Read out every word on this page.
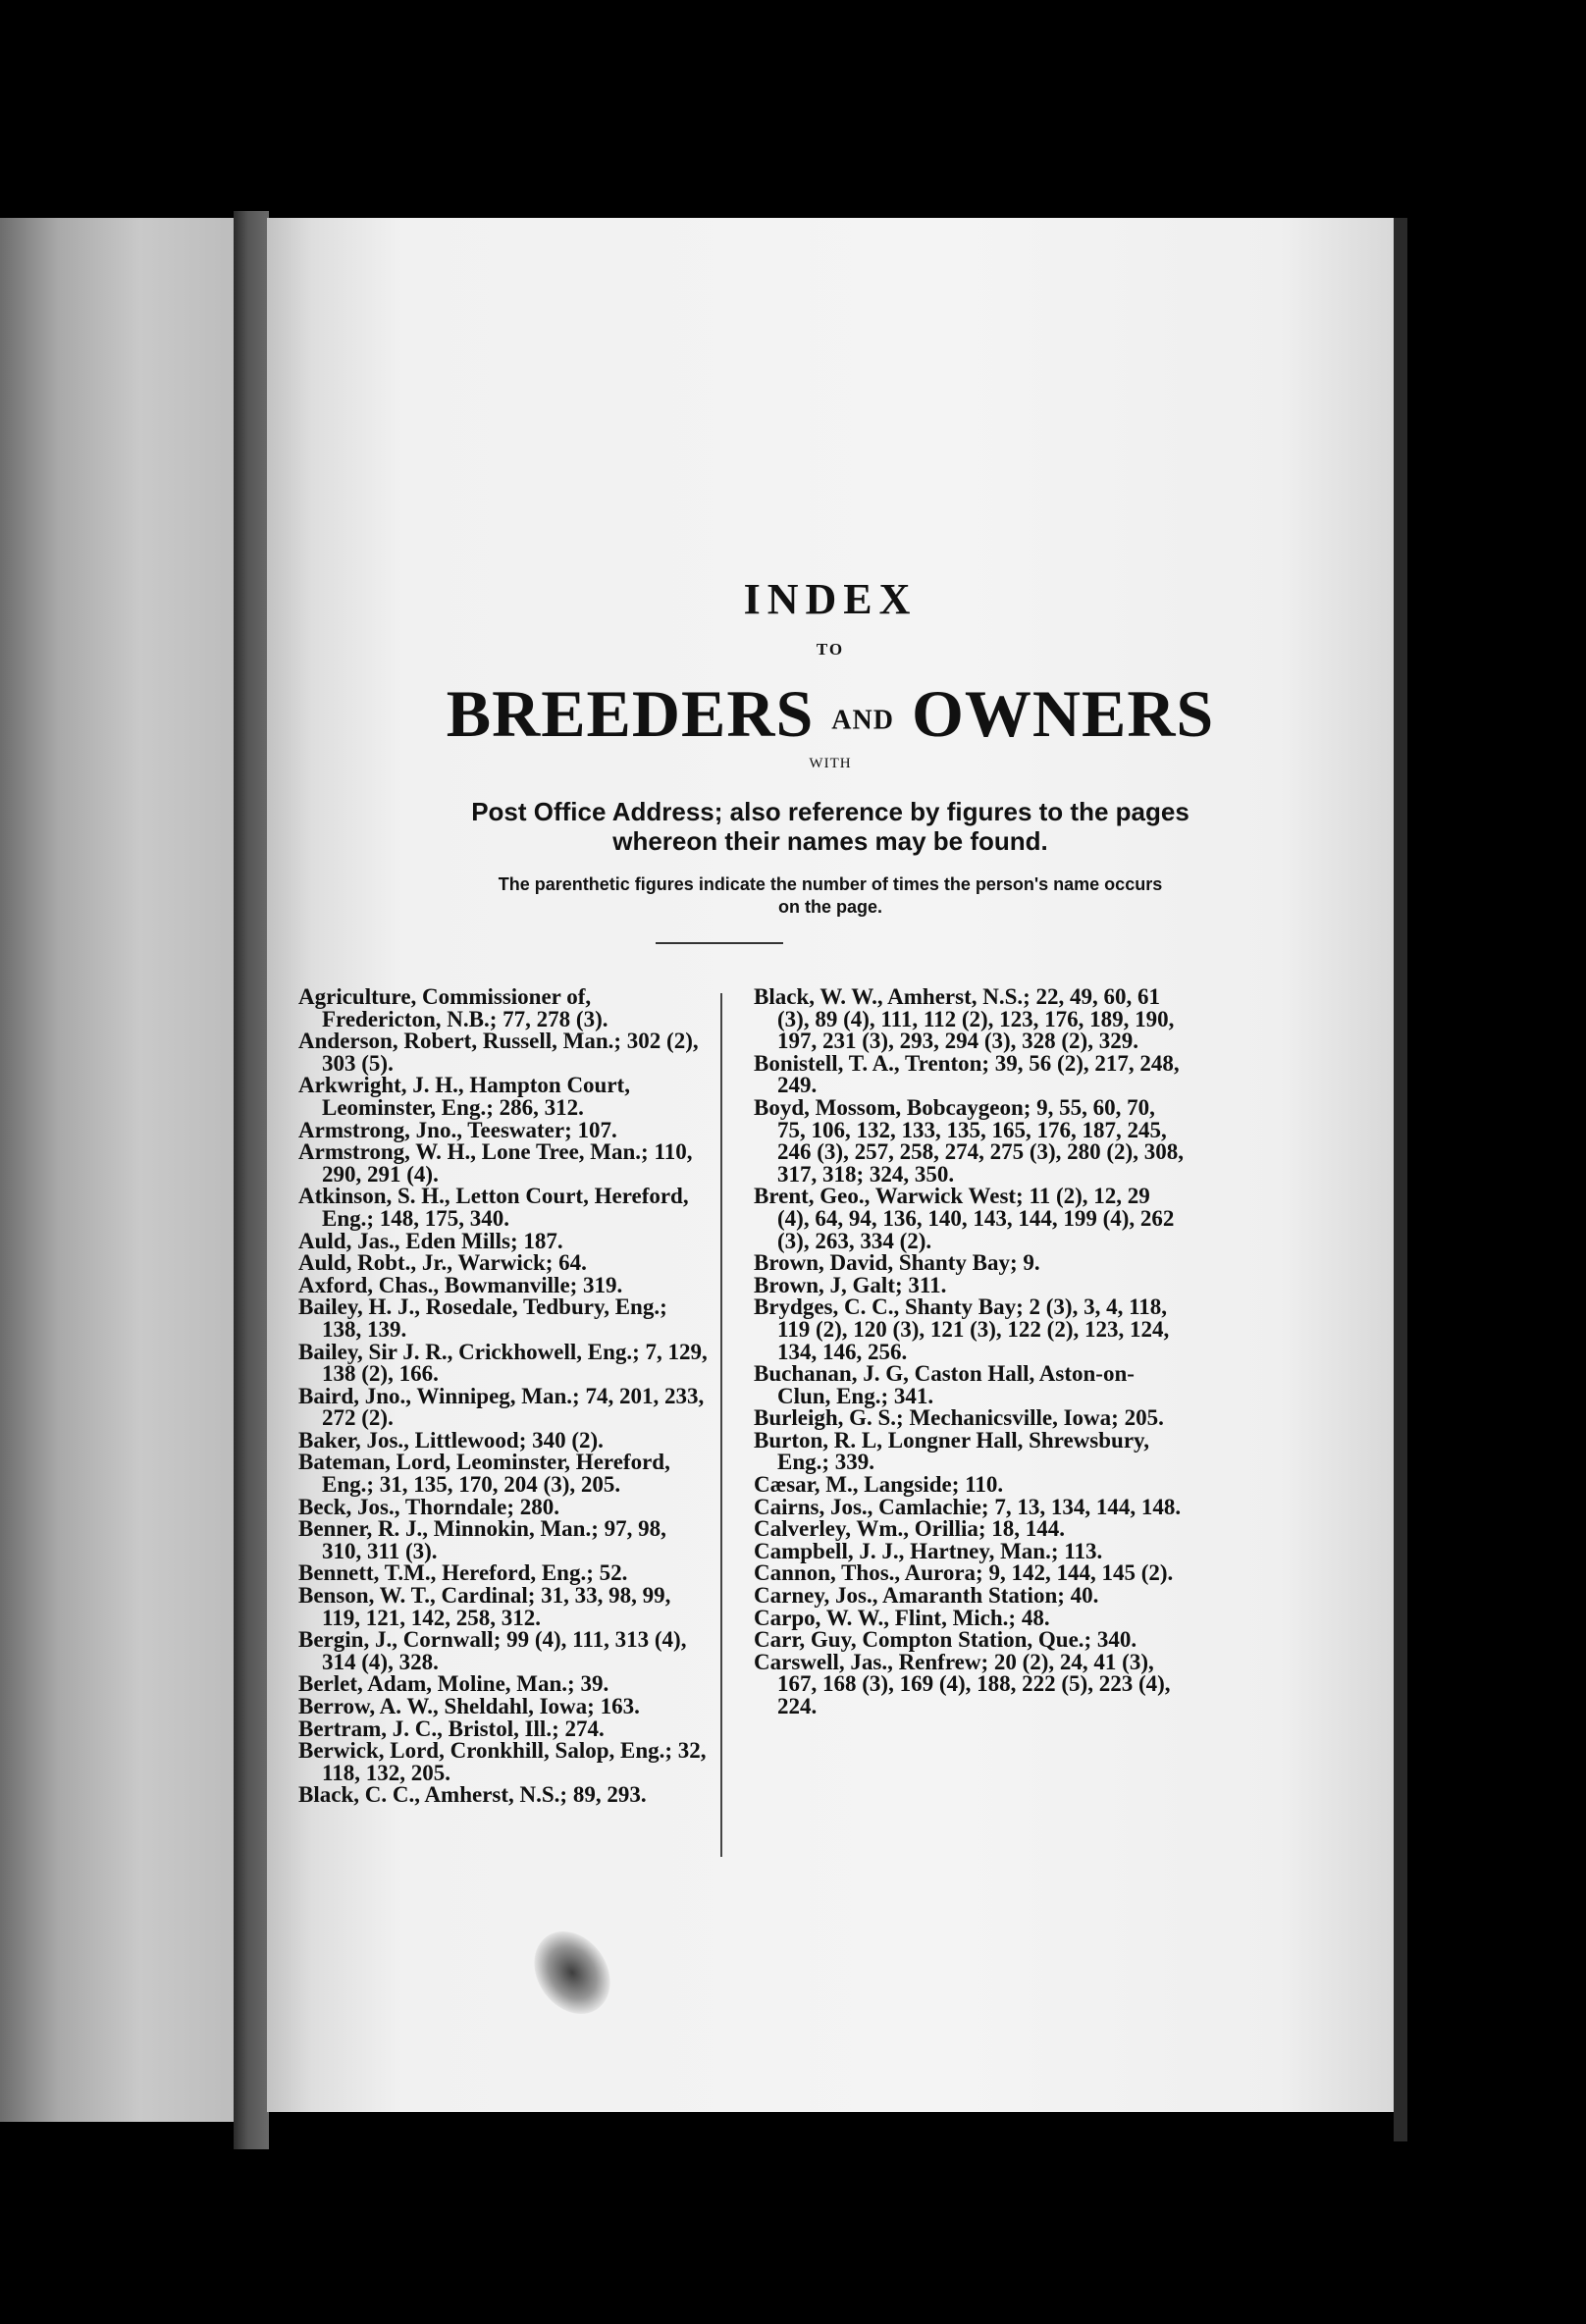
INDEX
TO
BREEDERS AND OWNERS
WITH
Post Office Address; also reference by figures to the pages
whereon their names may be found.
The parenthetic figures indicate the number of times the person's name occurs
on the page.
Agriculture, Commissioner of, Fredericton, N.B.; 77, 278 (3).
Anderson, Robert, Russell, Man.; 302 (2), 303 (5).
Arkwright, J. H., Hampton Court, Leominster, Eng.; 286, 312.
Armstrong, Jno., Teeswater; 107.
Armstrong, W. H., Lone Tree, Man.; 110, 290, 291 (4).
Atkinson, S. H., Letton Court, Hereford, Eng.; 148, 175, 340.
Auld, Jas., Eden Mills; 187.
Auld, Robt., Jr., Warwick; 64.
Axford, Chas., Bowmanville; 319.
Bailey, H. J., Rosedale, Tedbury, Eng.; 138, 139.
Bailey, Sir J. R., Crickhowell, Eng.; 7, 129, 138 (2), 166.
Baird, Jno., Winnipeg, Man.; 74, 201, 233, 272 (2).
Baker, Jos., Littlewood; 340 (2).
Bateman, Lord, Leominster, Hereford, Eng.; 31, 135, 170, 204 (3), 205.
Beck, Jos., Thorndale; 280.
Benner, R. J., Minnokin, Man.; 97, 98, 310, 311 (3).
Bennett, T.M., Hereford, Eng.; 52.
Benson, W. T., Cardinal; 31, 33, 98, 99, 119, 121, 142, 258, 312.
Bergin, J., Cornwall; 99 (4), 111, 313 (4), 314 (4), 328.
Berlet, Adam, Moline, Man.; 39.
Berrow, A. W., Sheldahl, Iowa; 163.
Bertram, J. C., Bristol, Ill.; 274.
Berwick, Lord, Cronkhill, Salop, Eng.; 32, 118, 132, 205.
Black, C. C., Amherst, N.S.; 89, 293.
Black, W. W., Amherst, N.S.; 22, 49, 60, 61 (3), 89 (4), 111, 112 (2), 123, 176, 189, 190, 197, 231 (3), 293, 294 (3), 328 (2), 329.
Bonistell, T. A., Trenton; 39, 56 (2), 217, 248, 249.
Boyd, Mossom, Bobcaygeon; 9, 55, 60, 70, 75, 106, 132, 133, 135, 165, 176, 187, 245, 246 (3), 257, 258, 274, 275 (3), 280 (2), 308, 317, 318; 324, 350.
Brent, Geo., Warwick West; 11 (2), 12, 29 (4), 64, 94, 136, 140, 143, 144, 199 (4), 262 (3), 263, 334 (2).
Brown, David, Shanty Bay; 9.
Brown, J, Galt; 311.
Brydges, C. C., Shanty Bay; 2 (3), 3, 4, 118, 119 (2), 120 (3), 121 (3), 122 (2), 123, 124, 134, 146, 256.
Buchanan, J. G, Caston Hall, Aston-on-Clun, Eng.; 341.
Burleigh, G. S.; Mechanicsville, Iowa; 205.
Burton, R. L, Longner Hall, Shrewsbury, Eng.; 339.
Cæsar, M., Langside; 110.
Cairns, Jos., Camlachie; 7, 13, 134, 144, 148.
Calverley, Wm., Orillia; 18, 144.
Campbell, J. J., Hartney, Man.; 113.
Cannon, Thos., Aurora; 9, 142, 144, 145 (2).
Carney, Jos., Amaranth Station; 40.
Carpo, W. W., Flint, Mich.; 48.
Carr, Guy, Compton Station, Que.; 340.
Carswell, Jas., Renfrew; 20 (2), 24, 41 (3), 167, 168 (3), 169 (4), 188, 222 (5), 223 (4), 224.
